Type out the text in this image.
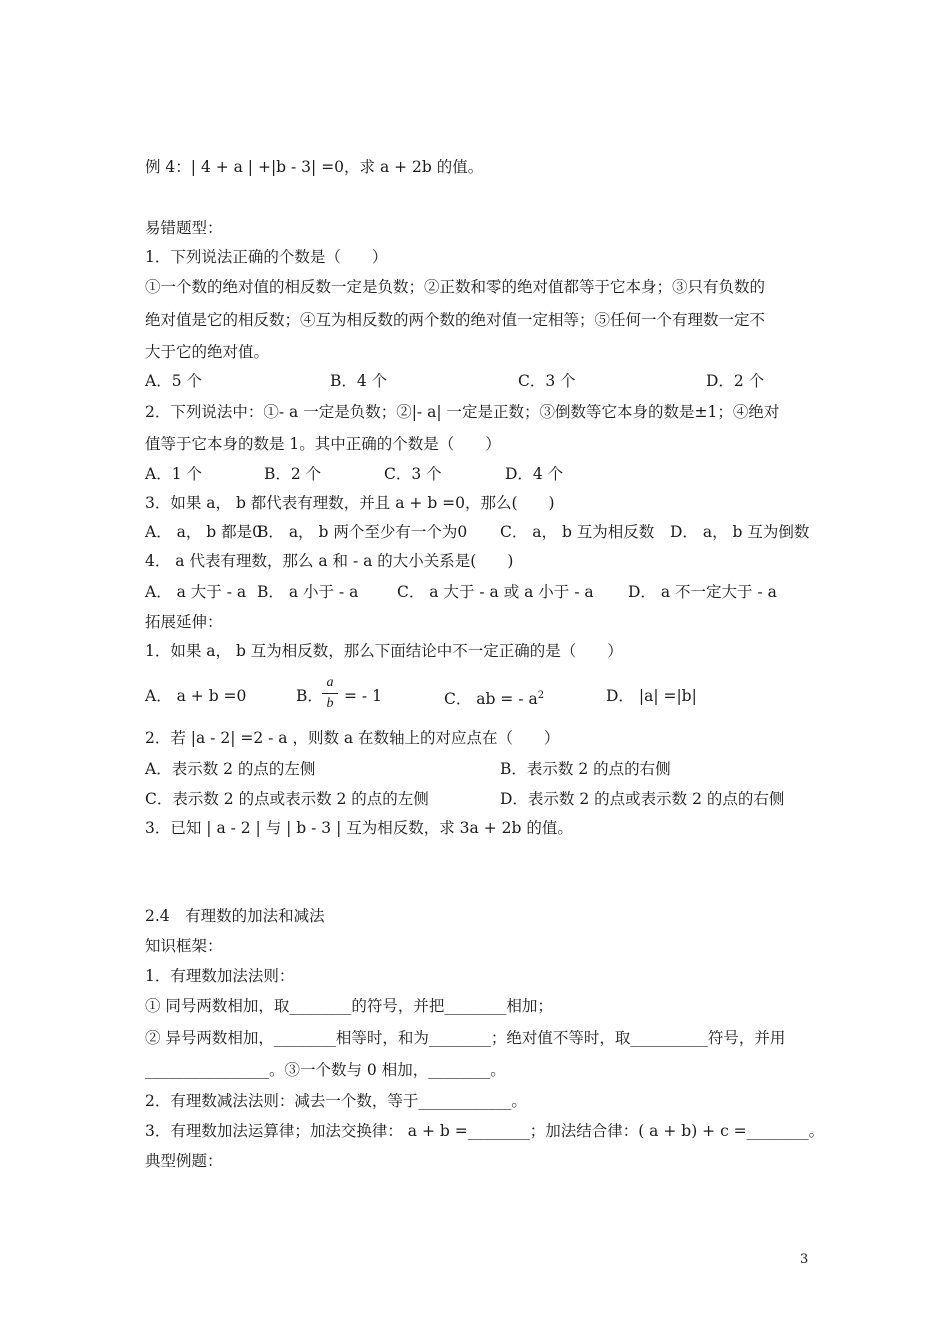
例 4：| 4 + a | +|b - 3| =0，求 a + 2b 的值。
易错题型：
1．下列说法正确的个数是（　　）
①一个数的绝对值的相反数一定是负数；②正数和零的绝对值都等于它本身；③只有负数的
绝对值是它的相反数；④互为相反数的两个数的绝对值一定相等；⑤任何一个有理数一定不
大于它的绝对值。
A．5 个	B．4 个	C．3 个	D．2 个
2．下列说法中：①- a 一定是负数；②|- a| 一定是正数；③倒数等它本身的数是±1；④绝对
值等于它本身的数是 1。其中正确的个数是（　　）
A．1 个	B．2 个	C．3 个	D．4 个
3．如果 a， b 都代表有理数，并且 a + b =0，那么(　　)
A． a， b 都是0
B． a， b 两个至少有一个为0 C． a， b 互为相反数 D． a， b 互为倒数
4． a 代表有理数，那么 a 和 - a 的大小关系是(　　)
A． a 大于 - a B． a 小于 - a C． a 大于 - a 或 a 小于 - a D． a 不一定大于 - a
拓展延伸：
1．如果 a， b 互为相反数，那么下面结论中不一定正确的是（　　）
A． a + b =0	B．
a
b = - 1	C． ab = - $a^2$	D． |a| =|b|
2．若 |a - 2| =2 - a ，则数 a 在数轴上的对应点在（　　）
A．表示数 2 的点的左侧	B．表示数 2 的点的右侧
C．表示数 2 的点或表示数 2 的点的左侧	D．表示数 2 的点或表示数 2 的点的右侧
3．已知 | a - 2 | 与 | b - 3 | 互为相反数，求 3a + 2b 的值。
2.4　有理数的加法和减法
知识框架：
1．有理数加法法则：
① 同号两数相加，取________的符号，并把________相加；
② 异号两数相加，________相等时，和为________；绝对值不等时，取__________符号，并用
________________。③一个数与 0 相加，________。
2．有理数减法法则：减去一个数，等于____________。
3．有理数加法运算律；加法交换律： a + b =________；加法结合律：( a + b) + c =________。
典型例题：
3
